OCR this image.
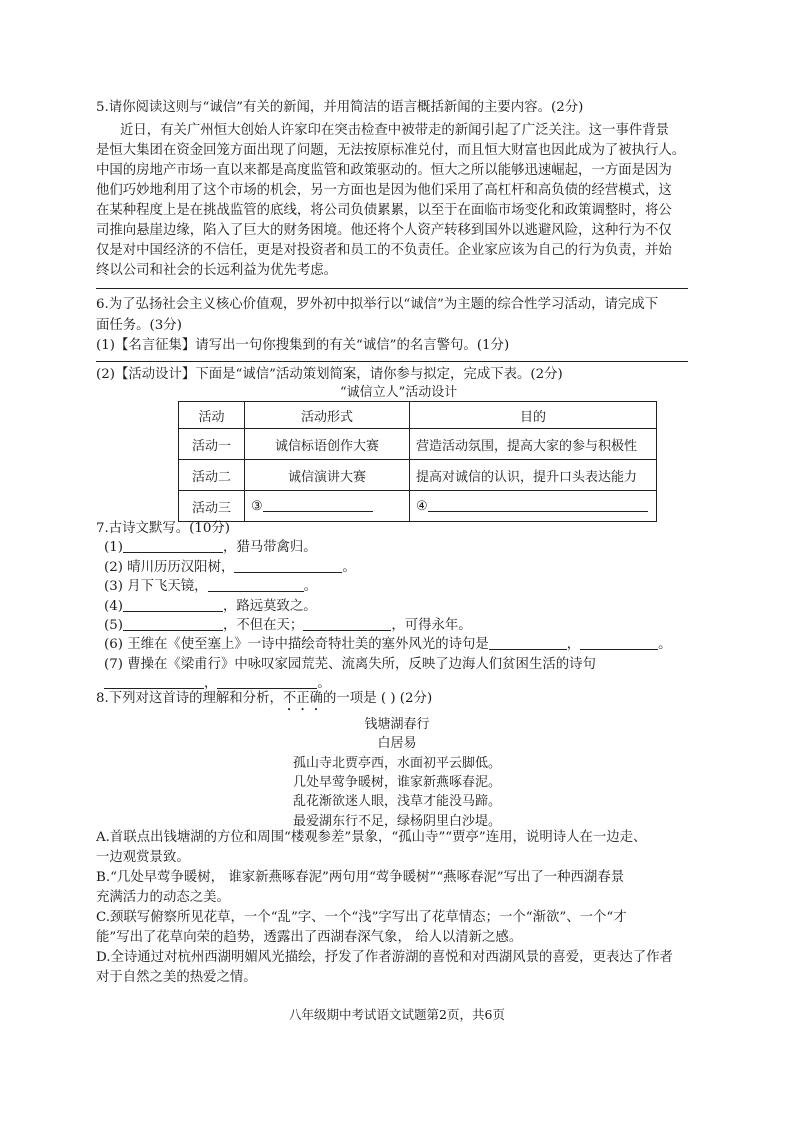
5.请你阅读这则与“诚信”有关的新闻，并用简洁的语言概括新闻的主要内容。(2分)
近日，有关广州恒大创始人许家印在突击检查中被带走的新闻引起了广泛关注。这一事件背景
是恒大集团在资金回笼方面出现了问题，无法按原标准兑付，而且恒大财富也因此成为了被执行人。
中国的房地产市场一直以来都是高度监管和政策驱动的。恒大之所以能够迅速崛起，一方面是因为
他们巧妙地利用了这个市场的机会，另一方面也是因为他们采用了高杠杆和高负债的经营模式，这
在某种程度上是在挑战监管的底线，将公司负债累累，以至于在面临市场变化和政策调整时，将公
司推向悬崖边缘，陷入了巨大的财务困境。他还将个人资产转移到国外以逃避风险，这种行为不仅
仅是对中国经济的不信任，更是对投资者和员工的不负责任。企业家应该为自己的行为负责，并始
终以公司和社会的长远利益为优先考虑。
6.为了弘扬社会主义核心价值观，罗外初中拟举行以“诚信”为主题的综合性学习活动，请完成下
面任务。(3分)
(1)【名言征集】请写出一句你搜集到的有关“诚信”的名言警句。(1分)
(2)【活动设计】下面是“诚信”活动策划简案，请你参与拟定，完成下表。(2分)
“诚信立人”活动设计
活动	活动形式	目的
活动一	诚信标语创作大赛	营造活动氛围，提高大家的参与积极性
活动二	诚信演讲大赛	提高对诚信的认识，提升口头表达能力
活动三	③	④
7.古诗文默写。(10分)
(1)	，猎马带禽归。
(2) 晴川历历汉阳树，	。
(3) 月下飞天镜，	。
(4)	，路远莫致之。
(5)	，不但在天；	，可得永年。
(6) 王维在《使至塞上》一诗中描绘奇特壮美的塞外风光的诗句是	，	。
(7) 曹操在《梁甫行》中咏叹家园荒芜、流离失所，反映了边海人们贫困生活的诗句
，	。
8.下列对这首诗的理解和分析，不正确的一项是 ( ) (2分)
钱塘湖春行
白居易
孤山寺北贾亭西，水面初平云脚低。
几处早莺争暖树，谁家新燕啄春泥。
乱花渐欲迷人眼，浅草才能没马蹄。
最爱湖东行不足，绿杨阴里白沙堤。
A.首联点出钱塘湖的方位和周围“楼观参差”景象，“孤山寺”“贾亭”连用，说明诗人在一边走、
一边观赏景致。
B.“几处早莺争暖树， 谁家新燕啄春泥”两句用“莺争暖树”“燕啄春泥”写出了一种西湖春景
充满活力的动态之美。
C.颈联写俯察所见花草，一个“乱”字、一个“浅”字写出了花草情态；一个“渐欲”、一个“才
能”写出了花草向荣的趋势，透露出了西湖春深气象， 给人以清新之感。
D.全诗通过对杭州西湖明媚风光描绘，抒发了作者游湖的喜悦和对西湖风景的喜爱，更表达了作者
对于自然之美的热爱之情。
八年级期中考试语文试题第2页，共6页
